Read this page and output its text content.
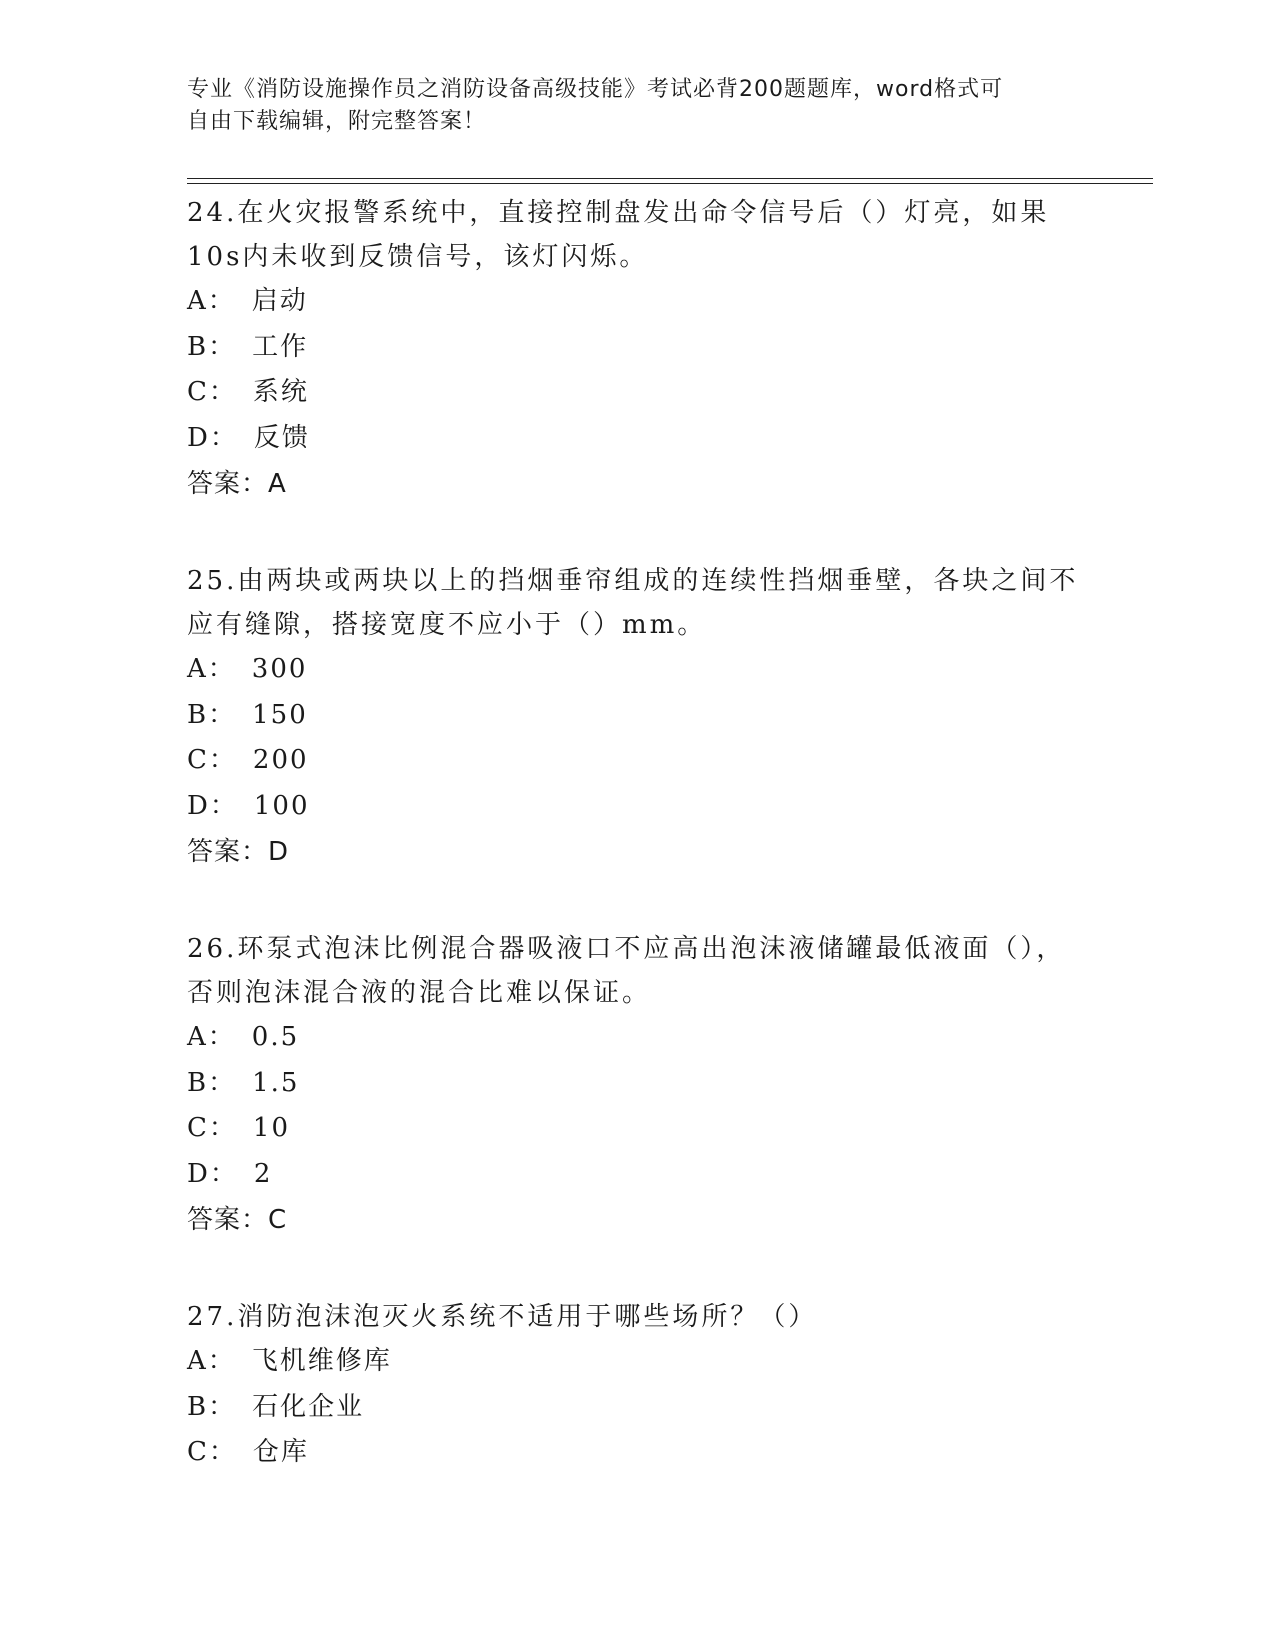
专业《消防设施操作员之消防设备高级技能》考试必背200题题库，word格式可
自由下载编辑，附完整答案！

24.在火灾报警系统中，直接控制盘发出命令信号后（）灯亮，如果

10s内未收到反馈信号，该灯闪烁。

A： 启动

B： 工作

C： 系统

D： 反馈

答案：A

25.由两块或两块以上的挡烟垂帘组成的连续性挡烟垂壁，各块之间不

应有缝隙，搭接宽度不应小于（）mm。

A： 300

B： 150

C： 200

D： 100

答案：D

26.环泵式泡沫比例混合器吸液口不应高出泡沫液储罐最低液面（），

否则泡沫混合液的混合比难以保证。

A： 0.5

B： 1.5

C： 10

D： 2

答案：C

27.消防泡沫泡灭火系统不适用于哪些场所？（）

A： 飞机维修库

B： 石化企业

C： 仓库
